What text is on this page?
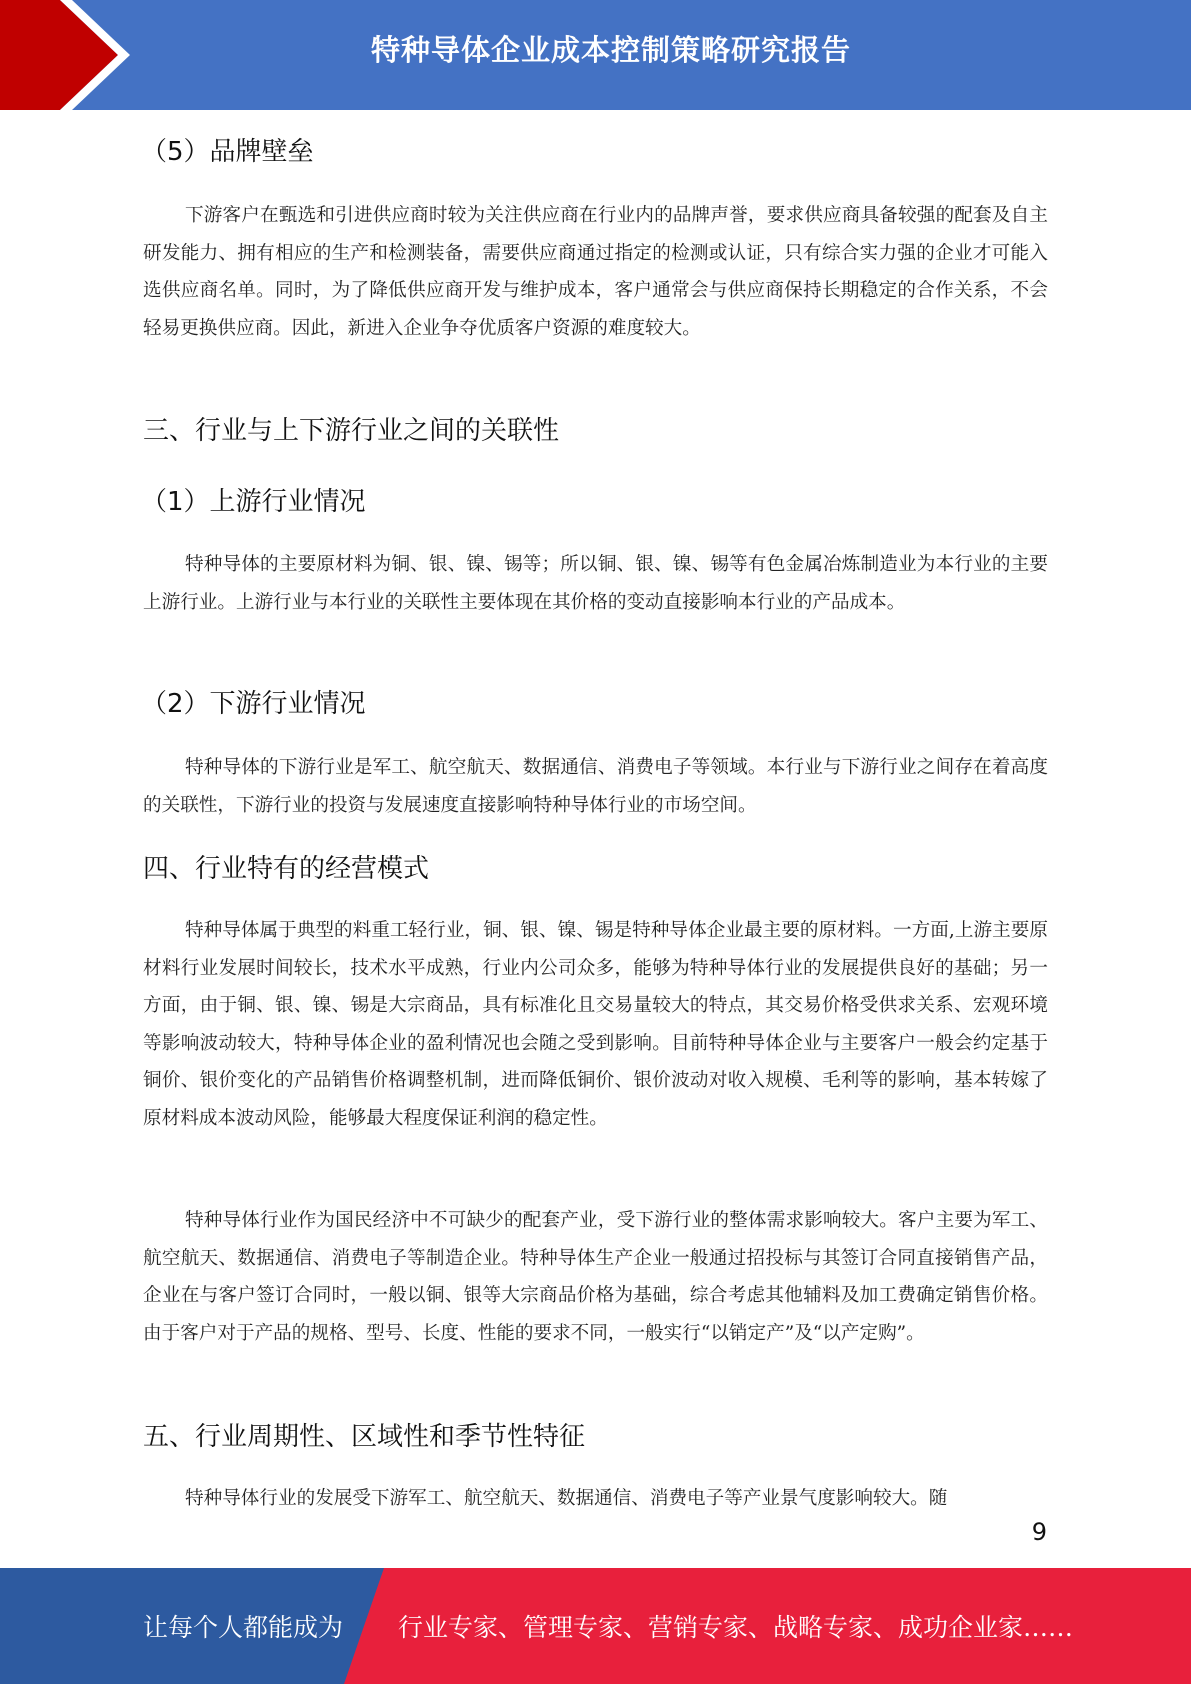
特种导体企业成本控制策略研究报告
（5）品牌壁垒

下游客户在甄选和引进供应商时较为关注供应商在行业内的品牌声誉，要求供应商具备较强的配套及自主研发能力、拥有相应的生产和检测装备，需要供应商通过指定的检测或认证，只有综合实力强的企业才可能入选供应商名单。同时，为了降低供应商开发与维护成本，客户通常会与供应商保持长期稳定的合作关系，不会轻易更换供应商。因此，新进入企业争夺优质客户资源的难度较大。

三、行业与上下游行业之间的关联性
（1）上游行业情况

特种导体的主要原材料为铜、银、镍、锡等；所以铜、银、镍、锡等有色金属冶炼制造业为本行业的主要上游行业。上游行业与本行业的关联性主要体现在其价格的变动直接影响本行业的产品成本。

（2）下游行业情况

特种导体的下游行业是军工、航空航天、数据通信、消费电子等领域。本行业与下游行业之间存在着高度的关联性，下游行业的投资与发展速度直接影响特种导体行业的市场空间。

四、行业特有的经营模式

特种导体属于典型的料重工轻行业，铜、银、镍、锡是特种导体企业最主要的原材料。一方面,上游主要原材料行业发展时间较长，技术水平成熟，行业内公司众多，能够为特种导体行业的发展提供良好的基础；另一方面，由于铜、银、镍、锡是大宗商品，具有标准化且交易量较大的特点，其交易价格受供求关系、宏观环境等影响波动较大，特种导体企业的盈利情况也会随之受到影响。目前特种导体企业与主要客户一般会约定基于铜价、银价变化的产品销售价格调整机制，进而降低铜价、银价波动对收入规模、毛利等的影响，基本转嫁了原材料成本波动风险，能够最大程度保证利润的稳定性。

特种导体行业作为国民经济中不可缺少的配套产业，受下游行业的整体需求影响较大。客户主要为军工、航空航天、数据通信、消费电子等制造企业。特种导体生产企业一般通过招投标与其签订合同直接销售产品，企业在与客户签订合同时，一般以铜、银等大宗商品价格为基础，综合考虑其他辅料及加工费确定销售价格。由于客户对于产品的规格、型号、长度、性能的要求不同，一般实行“以销定产”及“以产定购”。

五、行业周期性、区域性和季节性特征

特种导体行业的发展受下游军工、航空航天、数据通信、消费电子等产业景气度影响较大。随

9
让每个人都能成为 行业专家、管理专家、营销专家、战略专家、成功企业家……
